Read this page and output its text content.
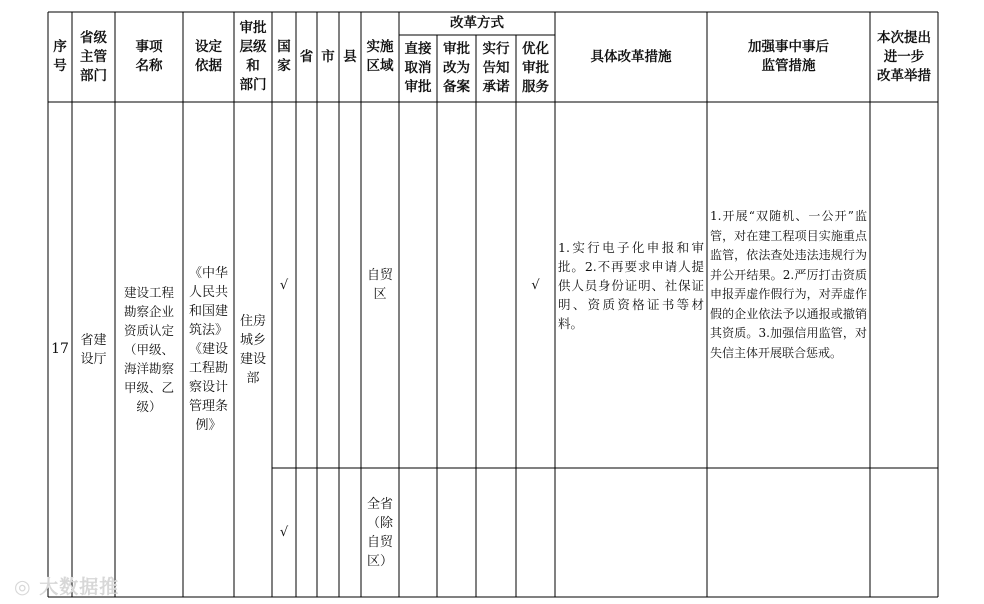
序
号
省级
主管
部门
事项
名称
设定
依据
审批
层级
和
部门
国
家
省 市 县
实施
区域
改革方式
直接
取消
审批
审批
改为
备案
实行
告知
承诺
优化
审批
服务
具体改革措施
加强事中事后
监管措施
本次提出
进一步
改革举措
17
省建
设厅
建设工程
勘察企业
资质认定
（甲级、
海洋勘察
甲级、乙
级）
《中华
人民共
和国建
筑法》
《建设
工程勘
察设计
管理条
例》
住房
城乡
建设
部
√
自贸
区
√
1.实行电子化申报和审批。2.不再要求申请人提供人员身份证明、社保证明、资质资格证书等材料。
1.开展“双随机、一公开”监管，对在建工程项目实施重点监管，依法查处违法违规行为并公开结果。2.严厉打击资质申报弄虚作假行为，对弄虚作假的企业依法予以通报或撤销其资质。3.加强信用监管，对失信主体开展联合惩戒。
√
全省
（除
自贸
区）
◎ 大数据推
